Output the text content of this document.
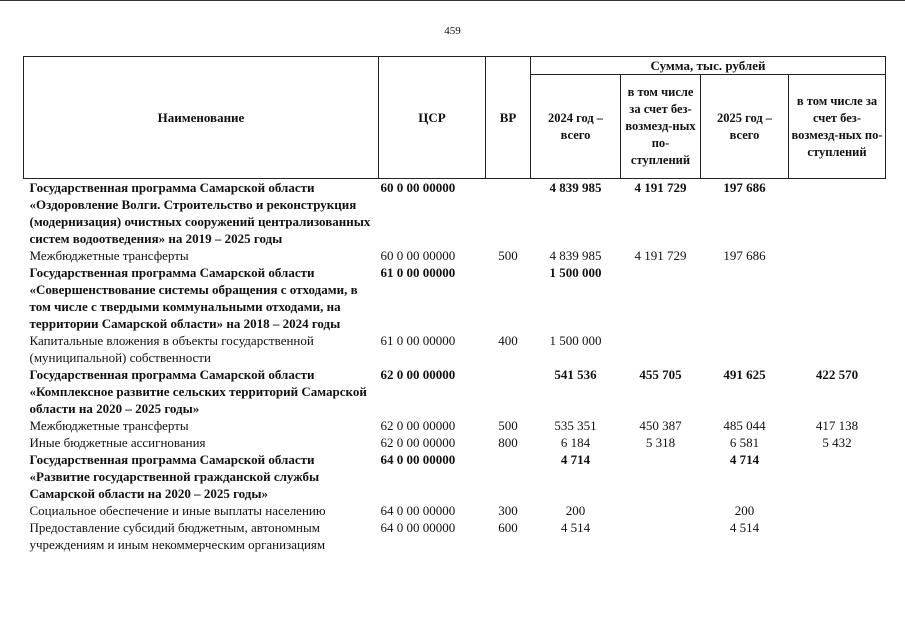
459
Наименование	ЦСР	ВР	Сумма, тыс. рублей			
			2024 год – всего	в том числе за счет без-возмезд-ных по-ступлений	2025 год – всего	в том числе за счет без-возмезд-ных по-ступлений
Государственная программа Самарской области «Оздоровление Волги. Строительство и реконструкция (модернизация) очистных сооружений централизованных систем водоотведения» на 2019 – 2025 годы	60 0 00 00000		4 839 985	4 191 729	197 686	
Межбюджетные трансферты	60 0 00 00000	500	4 839 985	4 191 729	197 686	
Государственная программа Самарской области «Совершенствование системы обращения с отходами, в том числе с твердыми коммунальными отходами, на территории Самарской области» на 2018 – 2024 годы	61 0 00 00000		1 500 000			
Капитальные вложения в объекты государственной (муниципальной) собственности	61 0 00 00000	400	1 500 000			
Государственная программа Самарской области «Комплексное развитие сельских территорий Самарской области на 2020 – 2025 годы»	62 0 00 00000		541 536	455 705	491 625	422 570
Межбюджетные трансферты	62 0 00 00000	500	535 351	450 387	485 044	417 138
Иные бюджетные ассигнования	62 0 00 00000	800	6 184	5 318	6 581	5 432
Государственная программа Самарской области «Развитие государственной гражданской службы Самарской области на 2020 – 2025 годы»	64 0 00 00000		4 714		4 714	
Социальное обеспечение и иные выплаты населению	64 0 00 00000	300	200		200	
Предоставление субсидий бюджетным, автономным учреждениям и иным некоммерческим организациям	64 0 00 00000	600	4 514		4 514	
